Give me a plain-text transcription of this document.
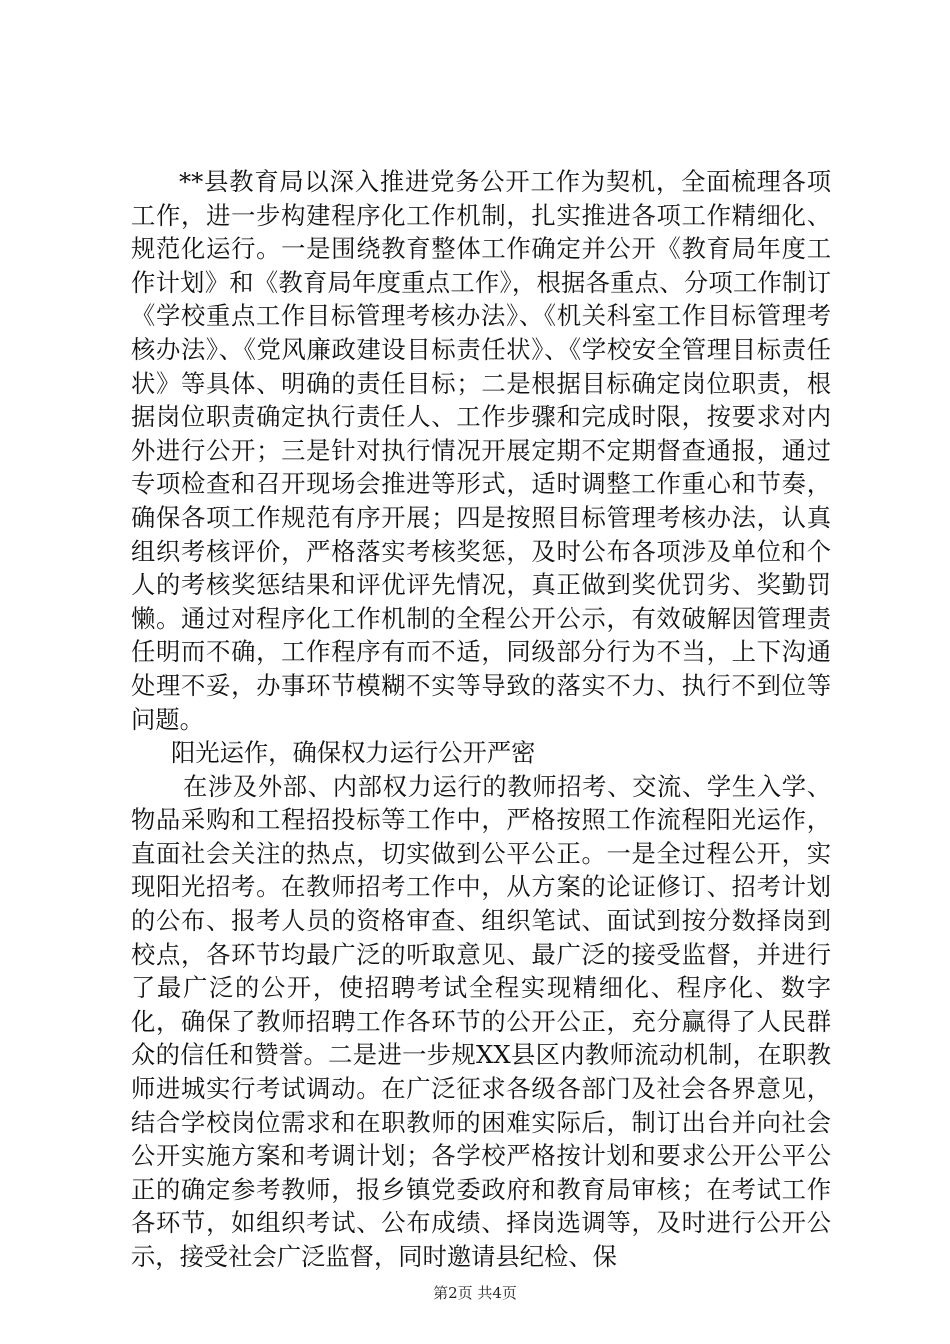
**县教育局以深入推进党务公开工作为契机，全面梳理各项工作，进一步构建程序化工作机制，扎实推进各项工作精细化、规范化运行。一是围绕教育整体工作确定并公开《教育局年度工作计划》和《教育局年度重点工作》，根据各重点、分项工作制订《学校重点工作目标管理考核办法》、《机关科室工作目标管理考核办法》、《党风廉政建设目标责任状》、《学校安全管理目标责任状》等具体、明确的责任目标；二是根据目标确定岗位职责，根据岗位职责确定执行责任人、工作步骤和完成时限，按要求对内外进行公开；三是针对执行情况开展定期不定期督查通报，通过专项检查和召开现场会推进等形式，适时调整工作重心和节奏，确保各项工作规范有序开展；四是按照目标管理考核办法，认真组织考核评价，严格落实考核奖惩，及时公布各项涉及单位和个人的考核奖惩结果和评优评先情况，真正做到奖优罚劣、奖勤罚懒。通过对程序化工作机制的全程公开公示，有效破解因管理责任明而不确，工作程序有而不适，同级部分行为不当，上下沟通处理不妥，办事环节模糊不实等导致的落实不力、执行不到位等问题。

阳光运作，确保权力运行公开严密

在涉及外部、内部权力运行的教师招考、交流、学生入学、物品采购和工程招投标等工作中，严格按照工作流程阳光运作，直面社会关注的热点，切实做到公平公正。一是全过程公开，实现阳光招考。在教师招考工作中，从方案的论证修订、招考计划的公布、报考人员的资格审查、组织笔试、面试到按分数择岗到校点，各环节均最广泛的听取意见、最广泛的接受监督，并进行了最广泛的公开，使招聘考试全程实现精细化、程序化、数字化，确保了教师招聘工作各环节的公开公正，充分赢得了人民群众的信任和赞誉。二是进一步规XX县区内教师流动机制，在职教师进城实行考试调动。在广泛征求各级各部门及社会各界意见，结合学校岗位需求和在职教师的困难实际后，制订出台并向社会公开实施方案和考调计划；各学校严格按计划和要求公开公平公正的确定参考教师，报乡镇党委政府和教育局审核；在考试工作各环节，如组织考试、公布成绩、择岗选调等，及时进行公开公示，接受社会广泛监督，同时邀请县纪检、保

第2页 共4页
